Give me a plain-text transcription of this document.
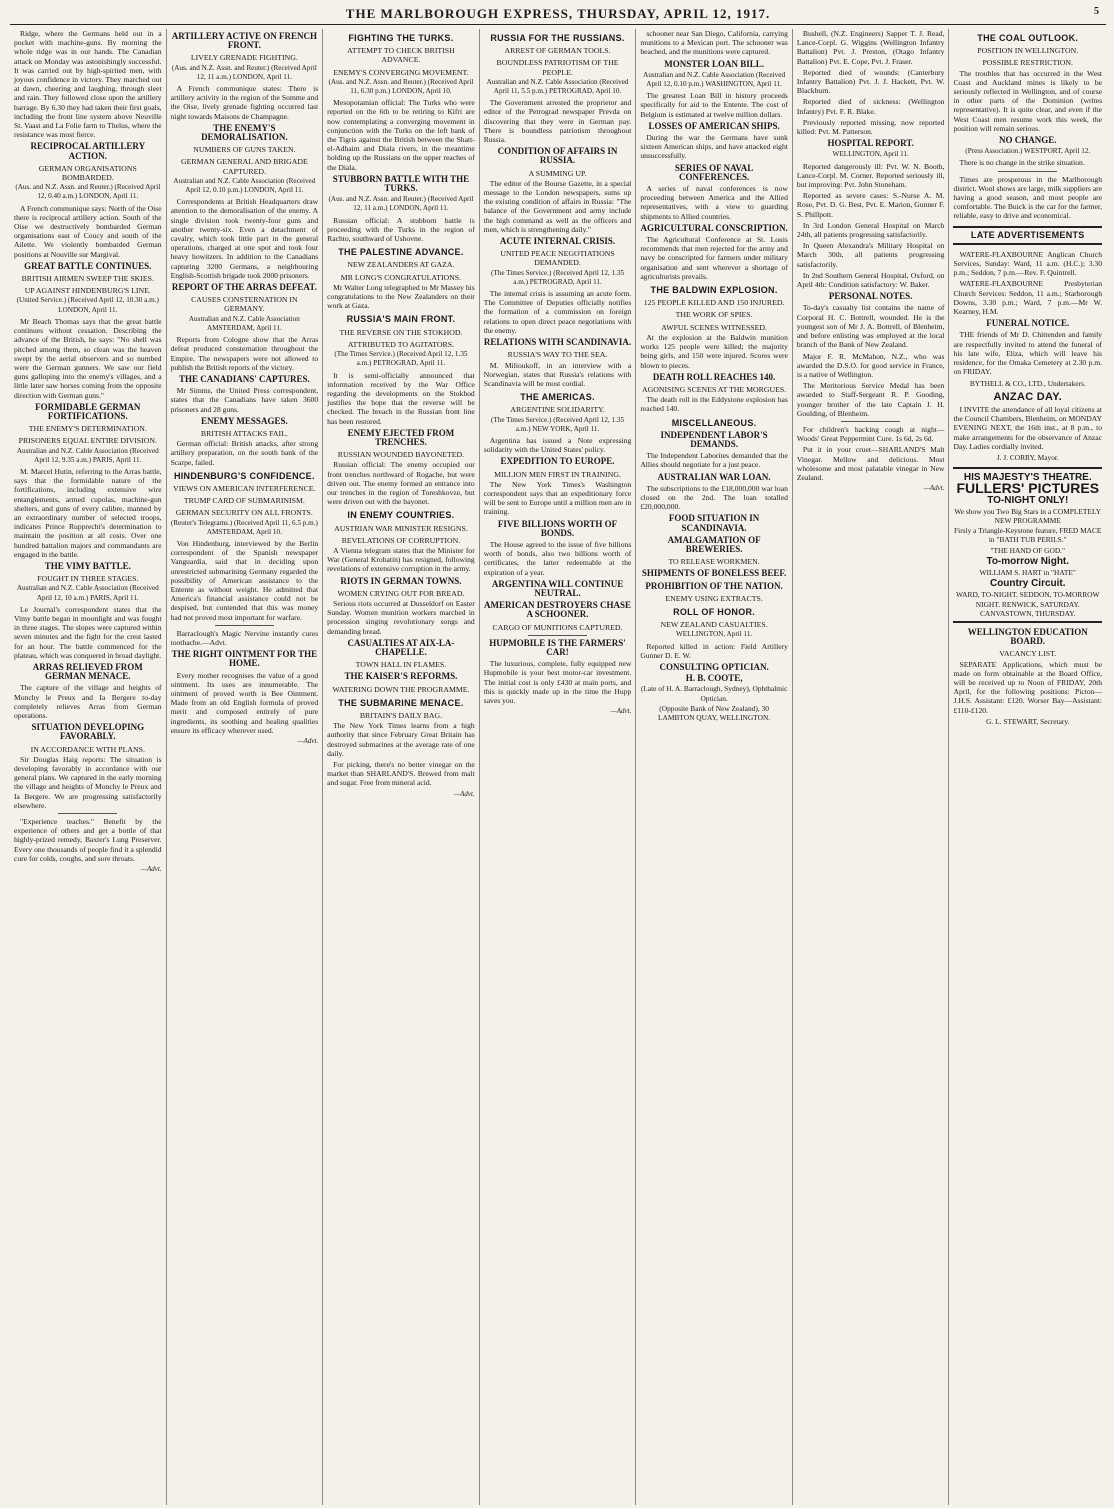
THE MARLBOROUGH EXPRESS, THURSDAY, APRIL 12, 1917.	5

Ridge, where the Germans held out in a pocket with machine-guns. By morning the whole ridge was in our hands. The Canadian attack on Monday was astonishingly successful. It was carried out by high-spirited men, with joyous confidence in victory. They marched out at dawn, cheering and laughing, through sleet and rain. They followed close upon the artillery barrage. By 6.30 they had taken their first goals, including the front line system above Neuville St. Vaast and La Folie farm to Thelus, where the resistance was most fierce.

RECIPROCAL ARTILLERY ACTION.
GERMAN ORGANISATIONS BOMBARDED.
(Aus. and N.Z. Assn. and Reuter.) (Received April 12, 0.40 a.m.) LONDON, April 11.

A French communique says: North of the Oise there is reciprocal artillery action. South of the Oise we destructively bombarded German organisations east of Coucy and south of the Ailette. We violently bombarded German positions at Nouville sur Margival.

GREAT BATTLE CONTINUES.
BRITISH AIRMEN SWEEP THE SKIES.
UP AGAINST HINDENBURG'S LINE.
(United Service.) (Received April 12, 10.30 a.m.) LONDON, April 11.

Mr Beach Thomas says that the great battle continues without cessation. Describing the advance of the British, he says: "No shell was pitched among them, so clean was the heaven swept by the aerial observers and so numbed were the German gunners. We saw our field guns galloping into the enemy's villages, and a little later saw horses coming from the opposite direction with German guns."

FORMIDABLE GERMAN FORTIFICATIONS.
THE ENEMY'S DETERMINATION.
PRISONERS EQUAL ENTIRE DIVISION.
Australian and N.Z. Cable Association (Received April 12, 9.35 a.m.) PARIS, April 11.

M. Marcel Hutin, referring to the Arras battle, says that the formidable nature of the fortifications, including extensive wire entanglements, armed cupolas, machine-gun shelters, and guns of every calibre, manned by an extraordinary number of selected troops, indicates Prince Rupprecht's determination to maintain the position at all costs. Over one hundred battalion majors and commandants are engaged in the battle.

THE VIMY BATTLE.
FOUGHT IN THREE STAGES.
Australian and N.Z. Cable Association (Received April 12, 10 a.m.) PARIS, April 11.

Le Journal's correspondent states that the Vimy battle began in moonlight and was fought in three stages. The slopes were captured within seven minutes and the fight for the crest lasted for an hour. The battle commenced for the plateau, which was conquered in broad daylight.

ARRAS RELIEVED FROM GERMAN MENACE.

The capture of the village and heights of Monchy le Preux and Ia Bergere to-day completely relieves Arras from German operations.

SITUATION DEVELOPING FAVORABLY.
IN ACCORDANCE WITH PLANS.

Sir Douglas Haig reports: The situation is developing favorably in accordance with our general plans. We captured in the early morning the village and heights of Monchy le Preux and Ia Bergere. We are progressing satisfactorily elsewhere.

"Experience teaches." Benefit by the experience of others and get a bottle of that highly-prized remedy, Baxter's Lung Preserver. Every one thousands of people find it a splendid cure for colds, coughs, and sore throats.

—Advt.
ARTILLERY ACTIVE ON FRENCH FRONT.
LIVELY GRENADE FIGHTING.
(Aus. and N.Z. Assn. and Reuter.) (Received April 12, 11 a.m.) LONDON, April 11.

A French communique states: There is artillery activity in the region of the Somme and the Oise, lively grenade fighting occurred last night towards Maisons de Champagne.

THE ENEMY'S DEMORALISATION.
NUMBERS OF GUNS TAKEN.
GERMAN GENERAL AND BRIGADE CAPTURED.
Australian and N.Z. Cable Association (Received April 12, 0.10 p.m.) LONDON, April 11.

Correspondents at British Headquarters draw attention to the demoralisation of the enemy. A single division took twenty-four guns and another twenty-six. Even a detachment of cavalry, which took little part in the general operations, charged at one spot and took four heavy howitzers. In addition to the Canadians capturing 3200 Germans, a neighbouring English-Scottish brigade took 2000 prisoners.

REPORT OF THE ARRAS DEFEAT.
CAUSES CONSTERNATION IN GERMANY.
Australian and N.Z. Cable Association AMSTERDAM, April 11.

Reports from Cologne show that the Arras defeat produced consternation throughout the Empire. The newspapers were not allowed to publish the British reports of the victory.

THE CANADIANS' CAPTURES.

Mr Simms, the United Press correspondent, states that the Canadians have taken 3600 prisoners and 28 guns.

ENEMY MESSAGES.
BRITISH ATTACKS FAIL.

German official: British attacks, after strong artillery preparation, on the south bank of the Scarpe, failed.

HINDENBURG'S CONFIDENCE.
VIEWS ON AMERICAN INTERFERENCE.
TRUMP CARD OF SUBMARINISM.
GERMAN SECURITY ON ALL FRONTS.
(Reuter's Telegrams.) (Received April 11, 6.5 p.m.) AMSTERDAM, April 10.

Von Hindenburg, interviewed by the Berlin correspondent of the Spanish newspaper Vanguardia, said that in deciding upon unrestricted submarining Germany regarded the possibility of American assistance to the Entente as without weight. He admitted that America's financial assistance could not be despised, but contended that this was money had not proved most important for warfare.

Barraclough's Magic Nervine instantly cures toothache.—Advt.

THE RIGHT OINTMENT FOR THE HOME.

Every mother recognises the value of a good ointment. Its uses are innumerable. The ointment of proved worth is Bee Ointment. Made from an old English formula of proved merit and composed entirely of pure ingredients, its soothing and healing qualities ensure its efficacy wherever used.

—Advt.
FIGHTING THE TURKS.
ATTEMPT TO CHECK BRITISH ADVANCE.
ENEMY'S CONVERGING MOVEMENT.
(Aus. and N.Z. Assn. and Reuter.) (Received April 11, 6.30 p.m.) LONDON, April 10.

Mesopotamian official: The Turks who were reported on the 6th to be retiring to Kifri are now contemplating a converging movement in conjunction with the Turks on the left bank of the Tigris against the British between the Shatt-el-Adhaim and Diala rivers, in the meantime holding up the Russians on the upper reaches of the Diala.

STUBBORN BATTLE WITH THE TURKS.
(Aus. and N.Z. Assn. and Reuter.) (Received April 12, 11 a.m.) LONDON, April 11.

Russian official: A stubborn battle is proceeding with the Turks in the region of Rachto, southward of Ushovne.

THE PALESTINE ADVANCE.
NEW ZEALANDERS AT GAZA.
MR LONG'S CONGRATULATIONS.

Mr Walter Long telegraphed to Mr Massey his congratulations to the New Zealanders on their work at Gaza.

RUSSIA'S MAIN FRONT.
THE REVERSE ON THE STOKHOD.
ATTRIBUTED TO AGITATORS.
(The Times Service.) (Received April 12, 1.35 a.m.) PETROGRAD, April 11.

It is semi-officially announced that information received by the War Office regarding the developments on the Stokhod justifies the hope that the reverse will be checked. The breach in the Russian front line has been restored.

ENEMY EJECTED FROM TRENCHES.
RUSSIAN WOUNDED BAYONETED.

Russian official: The enemy occupied our front trenches northward of Rogache, but were driven out. The enemy formed an entrance into our trenches in the region of Toreshkovze, but were driven out with the bayonet.

IN ENEMY COUNTRIES.
AUSTRIAN WAR MINISTER RESIGNS.
REVELATIONS OF CORRUPTION.

A Vienna telegram states that the Minister for War (General Krobatin) has resigned, following revelations of extensive corruption in the army.

RIOTS IN GERMAN TOWNS.
WOMEN CRYING OUT FOR BREAD.

Serious riots occurred at Dusseldorf on Easter Sunday. Women munition workers marched in procession singing revolutionary songs and demanding bread.

CASUALTIES AT AIX-LA-CHAPELLE.
TOWN HALL IN FLAMES.
THE KAISER'S REFORMS.
WATERING DOWN THE PROGRAMME.
THE SUBMARINE MENACE.
BRITAIN'S DAILY BAG.

The New York Times learns from a high authority that since February Great Britain has destroyed submarines at the average rate of one daily.

For picking, there's no better vinegar on the market than SHARLAND'S. Brewed from malt and sugar. Free from mineral acid.

—Advt.
RUSSIA FOR THE RUSSIANS.
ARREST OF GERMAN TOOLS.
BOUNDLESS PATRIOTISM OF THE PEOPLE.
Australian and N.Z. Cable Association (Received April 11, 5.5 p.m.) PETROGRAD, April 10.

The Government arrested the proprietor and editor of the Petrograd newspaper Prevda on discovering that they were in German pay. There is boundless patriotism throughout Russia.

CONDITION OF AFFAIRS IN RUSSIA.
A SUMMING UP.

The editor of the Bourse Gazette, in a special message to the London newspapers, sums up the existing condition of affairs in Russia: "The balance of the Government and army include the high command as well as the officers and men, which is strengthening daily."

ACUTE INTERNAL CRISIS.
UNITED PEACE NEGOTIATIONS DEMANDED.
(The Times Service.) (Received April 12, 1.35 a.m.) PETROGRAD, April 11.

The internal crisis is assuming an acute form. The Committee of Deputies officially notifies the formation of a commission on foreign relations to open direct peace negotiations with the enemy.

RELATIONS WITH SCANDINAVIA.
RUSSIA'S WAY TO THE SEA.

M. Milioukoff, in an interview with a Norwegian, states that Russia's relations with Scandinavia will be most cordial.

THE AMERICAS.
ARGENTINE SOLIDARITY.
(The Times Service.) (Received April 12, 1.35 a.m.) NEW YORK, April 11.

Argentina has issued a Note expressing solidarity with the United States' policy.

EXPEDITION TO EUROPE.
MILLION MEN FIRST IN TRAINING.

The New York Times's Washington correspondent says that an expeditionary force will be sent to Europe until a million men are in training.

FIVE BILLIONS WORTH OF BONDS.

The House agreed to the issue of five billions worth of bonds, also two billions worth of certificates, the latter redeemable at the expiration of a year.

ARGENTINA WILL CONTINUE NEUTRAL.
AMERICAN DESTROYERS CHASE A SCHOONER.
CARGO OF MUNITIONS CAPTURED.
HUPMOBILE IS THE FARMERS' CAR!

The luxurious, complete, fully equipped new Hupmobile is your best motor-car investment. The initial cost is only £430 at main ports, and this is quickly made up in the time the Hupp saves you.

—Advt.

schooner near San Diego, California, carrying munitions to a Mexican port. The schooner was beached, and the munitions were captured.

MONSTER LOAN BILL.
Australian and N.Z. Cable Association (Received April 12, 0.10 p.m.) WASHINGTON, April 11.

The greatest Loan Bill in history proceeds specifically for aid to the Entente. The cost of Belgium is estimated at twelve million dollars.

LOSSES OF AMERICAN SHIPS.

During the war the Germans have sunk sixteen American ships, and have attacked eight unsuccessfully.

SERIES OF NAVAL CONFERENCES.

A series of naval conferences is now proceeding between America and the Allied representatives, with a view to guarding shipments to Allied countries.

AGRICULTURAL CONSCRIPTION.

The Agricultural Conference at St. Louis recommends that men rejected for the army and navy be conscripted for farmers under military organisation and sent wherever a shortage of agriculturists prevails.

THE BALDWIN EXPLOSION.
125 PEOPLE KILLED AND 150 INJURED.
THE WORK OF SPIES.
AWFUL SCENES WITNESSED.

At the explosion at the Baldwin munition works 125 people were killed; the majority being girls, and 150 were injured. Scores were blown to pieces.

DEATH ROLL REACHES 140.
AGONISING SCENES AT THE MORGUES.

The death roll in the Eddystone explosion has reached 140.

MISCELLANEOUS.
INDEPENDENT LABOR'S DEMANDS.

The Independent Laborites demanded that the Allies should negotiate for a just peace.

AUSTRALIAN WAR LOAN.

The subscriptions to the £18,000,000 war loan closed on the 2nd. The loan totalled £20,000,000.

FOOD SITUATION IN SCANDINAVIA.
AMALGAMATION OF BREWERIES.
TO RELEASE WORKMEN.
SHIPMENTS OF BONELESS BEEF.
PROHIBITION OF THE NATION.
ENEMY USING EXTRACTS.
ROLL OF HONOR.
NEW ZEALAND CASUALTIES.
WELLINGTON, April 11.

Reported killed in action: Field Artillery Gunner D. E. W.

CONSULTING OPTICIAN.
H. B. COOTE,
(Late of H. A. Barraclough, Sydney), Ophthalmic Optician.
(Opposite Bank of New Zealand), 30 LAMBTON QUAY, WELLINGTON.

Bushell, (N.Z. Engineers) Sapper T. J. Read, Lance-Corpl. G. Wiggins (Wellington Infantry Battalion) Pvt. J. Preston, (Otago Infantry Battalion) Pvt. E. Cope, Pvt. J. Fraser.

Reported died of wounds: (Canterbury Infantry Battalion) Pvt. J. J. Hackett, Pvt. W. Blackburn.

Reported died of sickness: (Wellington Infantry) Pvt. F. R. Blake.

Previously reported missing, now reported killed: Pvt. M. Patterson.

HOSPITAL REPORT.
WELLINGTON, April 11.

Reported dangerously ill: Pvt. W. N. Booth, Lance-Corpl. M. Corner. Reported seriously ill, but improving: Pvt. John Stoneham.

Reported as severe cases: S.-Nurse A. M. Rose, Pvt. D. G. Best, Pvt. E. Marion, Gunner F. S. Phillpott.

In 3rd London General Hospital on March 24th, all patients progressing satisfactorily.

In Queen Alexandra's Military Hospital on March 30th, all patients progressing satisfactorily.

In 2nd Southern General Hospital, Oxford, on April 4th: Condition satisfactory: W. Baker.

PERSONAL NOTES.

To-day's casualty list contains the name of Corporal H. C. Bottrell, wounded. He is the youngest son of Mr J. A. Bottrell, of Blenheim, and before enlisting was employed at the local branch of the Bank of New Zealand.

Major F. R. McMahon, N.Z., who was awarded the D.S.O. for good service in France, is a native of Wellington.

The Meritorious Service Medal has been awarded to Staff-Sergeant R. P. Gooding, younger brother of the late Captain J. H. Goulding, of Blenheim.

For children's hacking cough at night—Woods' Great Peppermint Cure. 1s 6d, 2s 6d.

Put it in your cruet—SHARLAND'S Malt Vinegar. Mellow and delicious. Most wholesome and most palatable vinegar in New Zealand.

—Advt.
THE COAL OUTLOOK.
POSITION IN WELLINGTON.
POSSIBLE RESTRICTION.

The troubles that has occurred in the West Coast and Auckland mines is likely to be seriously reflected in Wellington, and of course in other parts of the Dominion (writes representative). It is quite clear, and even if the West Coast men resume work this week, the position will remain serious.

NO CHANGE.
(Press Association.) WESTPORT, April 12.

There is no change in the strike situation.

Times are prosperous in the Marlborough district. Wool shows are large, milk suppliers are having a good season, and most people are comfortable. The Buick is the car for the farmer, reliable, easy to drive and economical.

LATE ADVERTISEMENTS

WATERE-FLAXBOURNE Anglican Church Services, Sunday: Ward, 11 a.m. (H.C.); 3.30 p.m.; Seddon, 7 p.m.—Rev. F. Quintrell.

WATERE-FLAXBOURNE Presbyterian Church Services: Seddon, 11 a.m.; Starborough Downs, 3.30 p.m.; Ward, 7 p.m.—Mr W. Kearney, H.M.

FUNERAL NOTICE.

THE friends of Mr D. Chittenden and family are respectfully invited to attend the funeral of his late wife, Eliza, which will leave his residence, for the Omaka Cemetery at 2.30 p.m. on FRIDAY.

BYTHELL & CO., LTD., Undertakers.
ANZAC DAY.

I INVITE the attendance of all loyal citizens at the Council Chambers, Blenheim, on MONDAY EVENING NEXT, the 16th inst., at 8 p.m., to make arrangements for the observance of Anzac Day. Ladies cordially invited.

J. J. CORRY, Mayor.
HIS MAJESTY'S THEATRE.
FULLERS' PICTURES
TO-NIGHT ONLY!
We show you Two Big Stars in a COMPLETELY NEW PROGRAMME
Firsly a Triangle-Keystone feature, FRED MACE in "BATH TUB PERILS."
"THE HAND OF GOD."
To-morrow Night.
WILLIAM S. HART in "HATE"
Country Circuit.
WARD, TO-NIGHT. SEDDON, TO-MORROW NIGHT. RENWICK, SATURDAY. CANVASTOWN, THURSDAY.
WELLINGTON EDUCATION BOARD.
VACANCY LIST.

SEPARATE Applications, which must be made on form obtainable at the Board Office, will be received up to Noon of FRIDAY, 20th April, for the following positions: Picton—J.H.S. Assistant: £120. Worser Bay—Assistant: £110-£120.

G. L. STEWART, Secretary.
